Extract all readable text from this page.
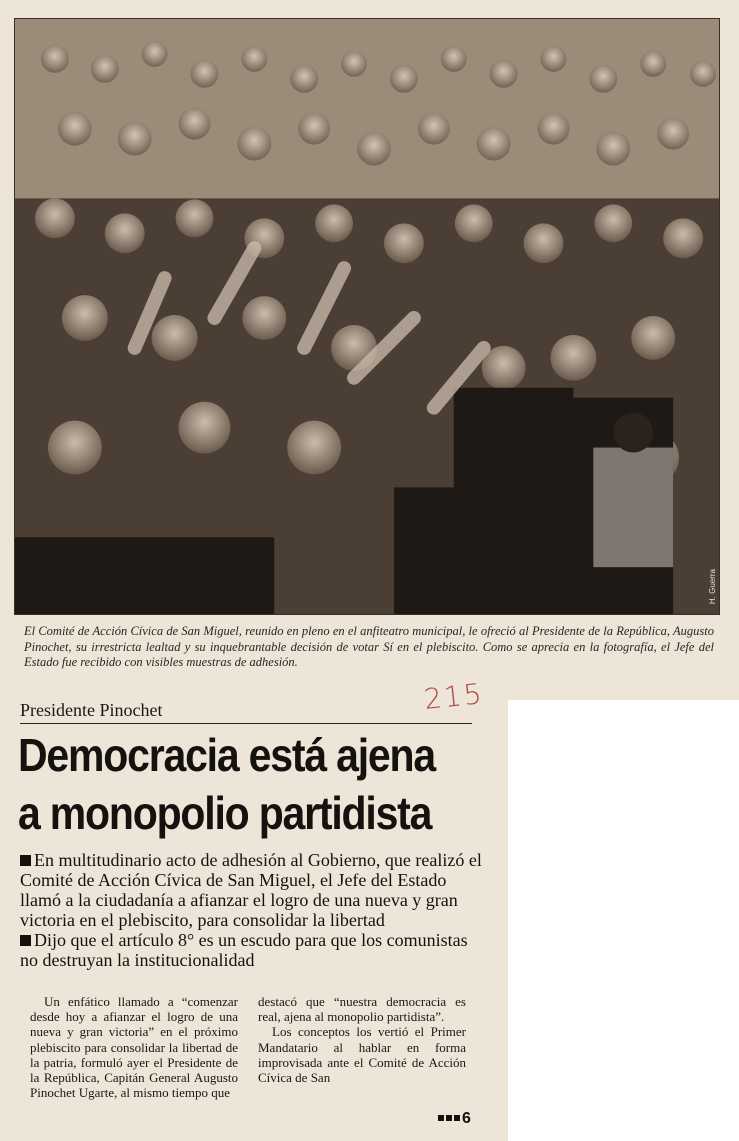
H. Guerra
El Comité de Acción Cívica de San Miguel, reunido en pleno en el anfiteatro municipal, le ofreció al Presidente de la República, Augusto Pinochet, su irrestricta lealtad y su inquebrantable decisión de votar Sí en el plebiscito. Como se aprecia en la fotografía, el Jefe del Estado fue recibido con visibles muestras de adhesión.
215
Presidente Pinochet
Democracia está ajena
a monopolio partidista

En multitudinario acto de adhesión al Gobierno, que realizó el Comité de Acción Cívica de San Miguel, el Jefe del Estado llamó a la ciudadanía a afianzar el logro de una nueva y gran victoria en el plebiscito, para consolidar la libertad

Dijo que el artículo 8° es un escudo para que los comunistas no destruyan la institucionalidad

Un enfático llamado a “comenzar desde hoy a afianzar el logro de una nueva y gran victoria” en el próximo plebiscito para consolidar la libertad de la patria, formuló ayer el Presidente de la República, Capitán General Augusto Pinochet Ugarte, al mismo tiempo que

destacó que “nuestra democracia es real, ajena al monopolio partidista”.

Los conceptos los vertió el Primer Mandatario al hablar en forma improvisada ante el Comité de Acción Cívica de San

6
